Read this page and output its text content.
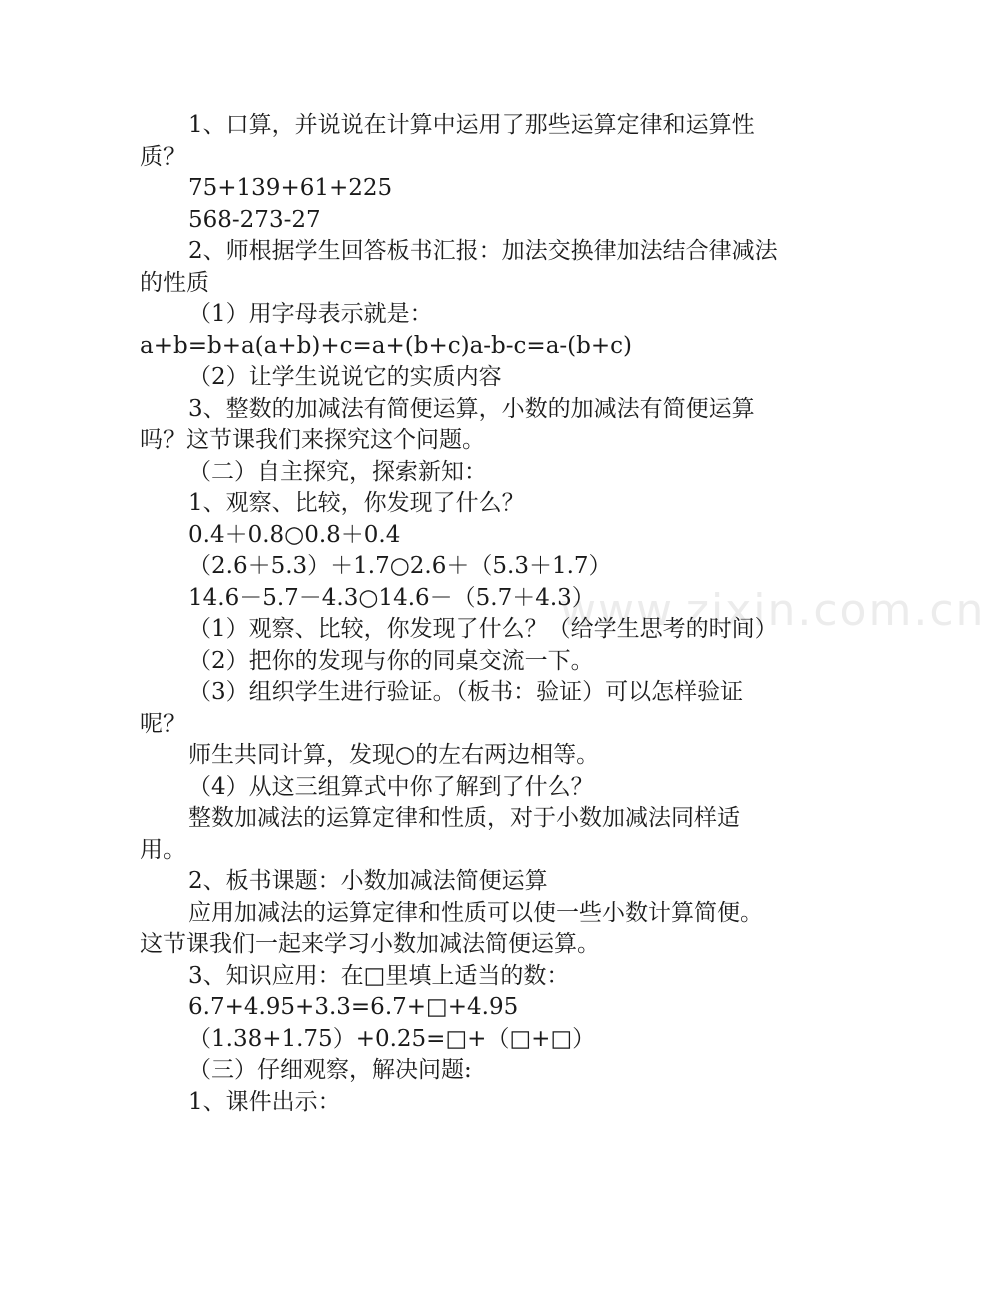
www.zixin.com.cn

1、口算，并说说在计算中运用了那些运算定律和运算性质？

75+139+61+225

568-273-27

2、师根据学生回答板书汇报：加法交换律加法结合律减法的性质

（1）用字母表示就是：

a+b=b+a(a+b)+c=a+(b+c)a-b-c=a-(b+c)

（2）让学生说说它的实质内容

3、整数的加减法有简便运算，小数的加减法有简便运算吗？这节课我们来探究这个问题。

（二）自主探究，探索新知：

1、观察、比较，你发现了什么？

0.4＋0.8○0.8＋0.4

（2.6＋5.3）＋1.7○2.6＋（5.3＋1.7）

14.6－5.7－4.3○14.6－（5.7＋4.3）

（1）观察、比较，你发现了什么？（给学生思考的时间）

（2）把你的发现与你的同桌交流一下。

（3）组织学生进行验证。（板书：验证）可以怎样验证呢？

师生共同计算，发现○的左右两边相等。

（4）从这三组算式中你了解到了什么？

整数加减法的运算定律和性质，对于小数加减法同样适用。

2、板书课题：小数加减法简便运算

应用加减法的运算定律和性质可以使一些小数计算简便。这节课我们一起来学习小数加减法简便运算。

3、知识应用：在□里填上适当的数：

6.7+4.95+3.3=6.7+□+4.95

（1.38+1.75）+0.25=□+（□+□）

（三）仔细观察，解决问题:

1、课件出示：
